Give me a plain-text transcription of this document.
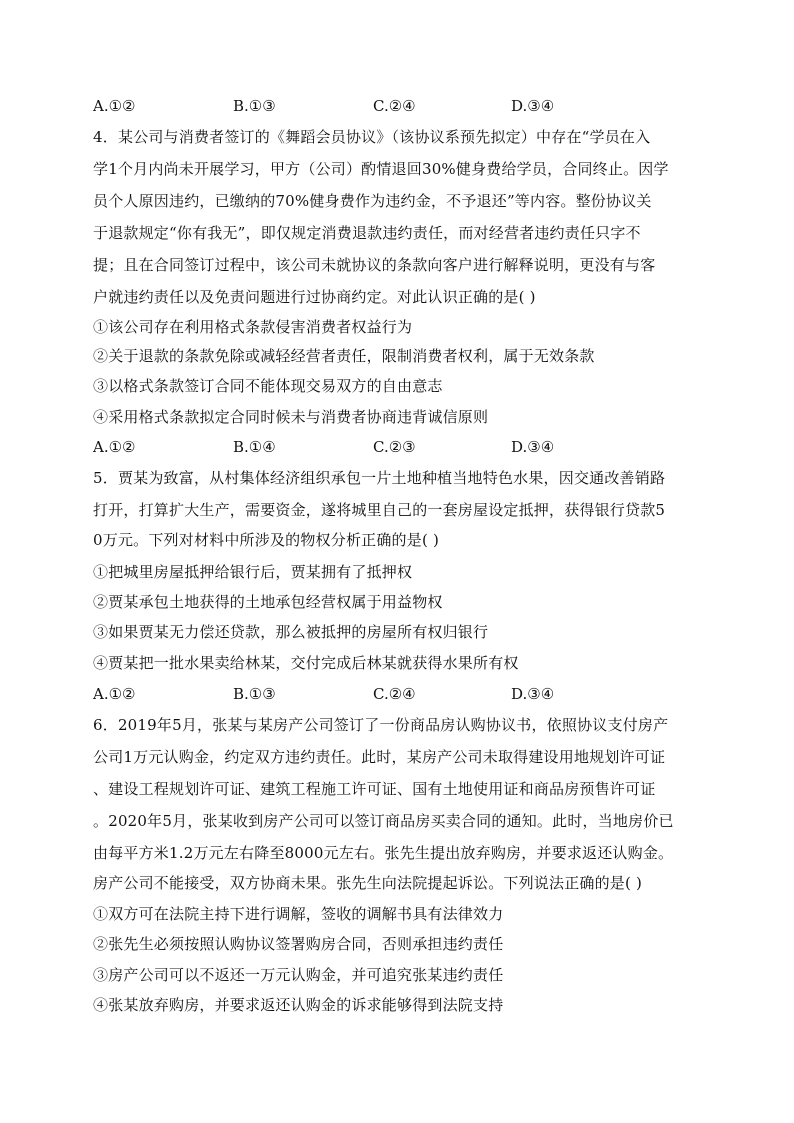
A.①②	B.①③	C.②④	D.③④
4．某公司与消费者签订的《舞蹈会员协议》（该协议系预先拟定）中存在“学员在入
学1个月内尚未开展学习，甲方（公司）酌情退回30%健身费给学员，合同终止。因学
员个人原因违约，已缴纳的70%健身费作为违约金，不予退还”等内容。整份协议关
于退款规定“你有我无”，即仅规定消费退款违约责任，而对经营者违约责任只字不
提；且在合同签订过程中，该公司未就协议的条款向客户进行解释说明，更没有与客
户就违约责任以及免责问题进行过协商约定。对此认识正确的是( )
①该公司存在利用格式条款侵害消费者权益行为
②关于退款的条款免除或减轻经营者责任，限制消费者权利，属于无效条款
③以格式条款签订合同不能体现交易双方的自由意志
④采用格式条款拟定合同时候未与消费者协商违背诚信原则
A.①②	B.①④	C.②③	D.③④
5．贾某为致富，从村集体经济组织承包一片土地种植当地特色水果，因交通改善销路
打开，打算扩大生产，需要资金，遂将城里自己的一套房屋设定抵押，获得银行贷款5
0万元。下列对材料中所涉及的物权分析正确的是( )
①把城里房屋抵押给银行后，贾某拥有了抵押权
②贾某承包土地获得的土地承包经营权属于用益物权
③如果贾某无力偿还贷款，那么被抵押的房屋所有权归银行
④贾某把一批水果卖给林某，交付完成后林某就获得水果所有权
A.①②	B.①③	C.②④	D.③④
6．2019年5月，张某与某房产公司签订了一份商品房认购协议书，依照协议支付房产
公司1万元认购金，约定双方违约责任。此时，某房产公司未取得建设用地规划许可证
、建设工程规划许可证、建筑工程施工许可证、国有土地使用证和商品房预售许可证
。2020年5月，张某收到房产公司可以签订商品房买卖合同的通知。此时，当地房价已
由每平方米1.2万元左右降至8000元左右。张先生提出放弃购房，并要求返还认购金。
房产公司不能接受，双方协商未果。张先生向法院提起诉讼。下列说法正确的是( )
①双方可在法院主持下进行调解，签收的调解书具有法律效力
②张先生必须按照认购协议签署购房合同，否则承担违约责任
③房产公司可以不返还一万元认购金，并可追究张某违约责任
④张某放弃购房，并要求返还认购金的诉求能够得到法院支持
